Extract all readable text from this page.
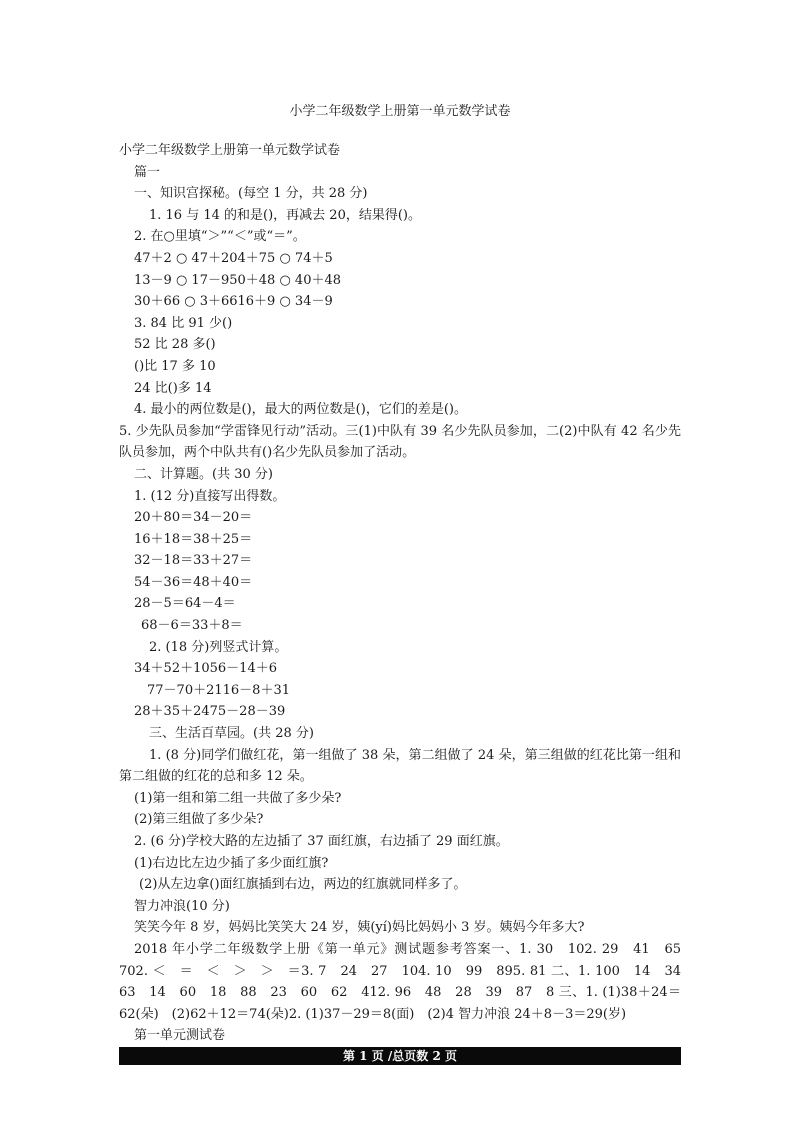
小学二年级数学上册第一单元数学试卷
小学二年级数学上册第一单元数学试卷
篇一
一、知识宫探秘。(每空 1 分，共 28 分)
1. 16 与 14 的和是()，再减去 20，结果得()。
2. 在○里填“＞”“＜”或“＝”。
47＋2 ○ 47＋204＋75 ○ 74＋5
13－9 ○ 17－950＋48 ○ 40＋48
30＋66 ○ 3＋6616＋9 ○ 34－9
3. 84 比 91 少()
52 比 28 多()
()比 17 多 10
24 比()多 14
4. 最小的两位数是()，最大的两位数是()，它们的差是()。
5. 少先队员参加“学雷锋见行动”活动。三(1)中队有 39 名少先队员参加，二(2)中队有 42 名少先队员参加，两个中队共有()名少先队员参加了活动。
二、计算题。(共 30 分)
1. (12 分)直接写出得数。
20＋80＝34－20＝
16＋18＝38＋25＝
32－18＝33＋27＝
54－36＝48＋40＝
28－5＝64－4＝
68－6＝33＋8＝
2. (18 分)列竖式计算。
34＋52＋1056－14＋6
77－70＋2116－8＋31
28＋35＋2475－28－39
三、生活百草园。(共 28 分)
1. (8 分)同学们做红花，第一组做了 38 朵，第二组做了 24 朵，第三组做的红花比第一组和第二组做的红花的总和多 12 朵。
(1)第一组和第二组一共做了多少朵?
(2)第三组做了多少朵?
2. (6 分)学校大路的左边插了 37 面红旗，右边插了 29 面红旗。
(1)右边比左边少插了多少面红旗?
(2)从左边拿()面红旗插到右边，两边的红旗就同样多了。
智力冲浪(10 分)
笑笑今年 8 岁，妈妈比笑笑大 24 岁，姨(yí)妈比妈妈小 3 岁。姨妈今年多大?
2018 年小学二年级数学上册《第一单元》测试题参考答案一、1. 30　102. 29　41　65　702. ＜　＝　＜　＞　＞　＝3. 7　24　27　104. 10　99　895. 81 二、1. 100　14　34　63　14　60　18　88　23　60　62　412. 96　48　28　39　87　8 三、1. (1)38＋24＝62(朵)　(2)62＋12＝74(朵)2. (1)37－29＝8(面)　(2)4 智力冲浪 24＋8－3＝29(岁)
第一单元测试卷
第 1 页 /总页数 2 页
